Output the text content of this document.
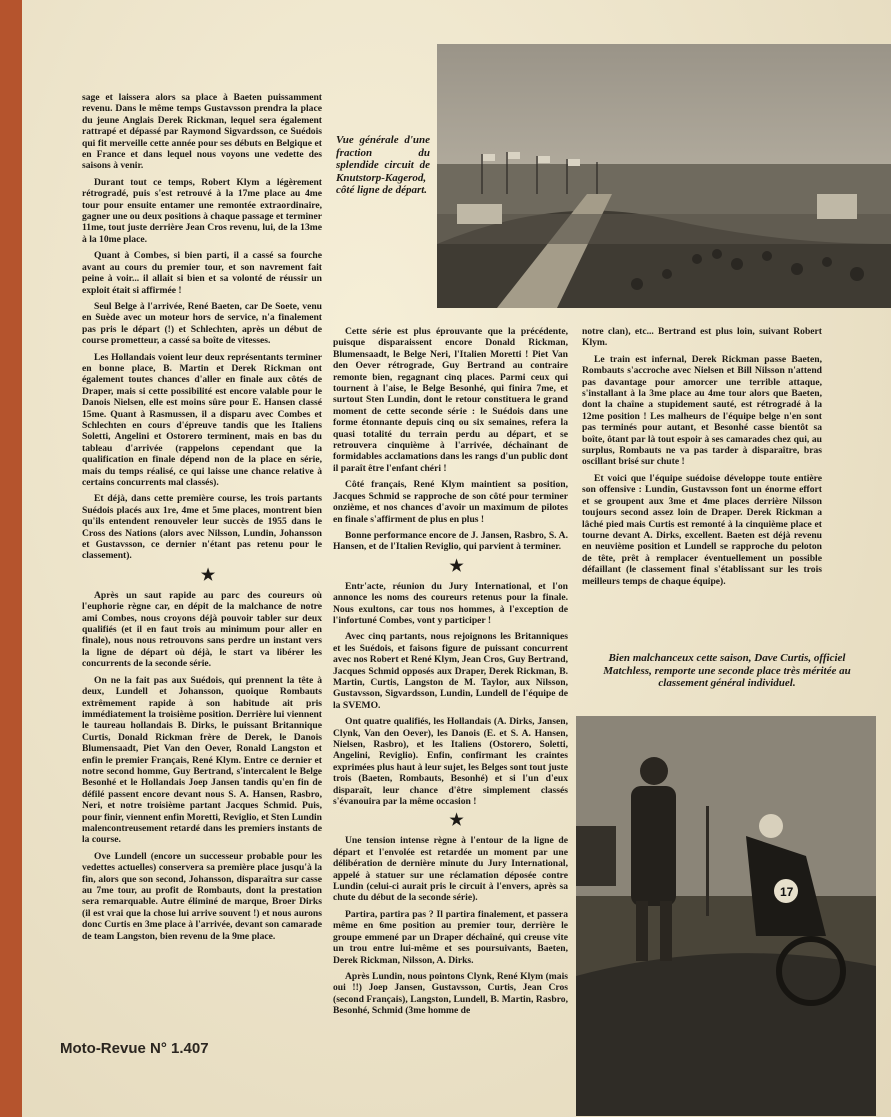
Vue générale d'une fraction du splendide circuit de Knutstorp-Kagerod, côté ligne de départ.
17
Bien malchanceux cette saison, Dave Curtis, officiel Matchless, remporte une seconde place très méritée au classement général individuel.

sage et laissera alors sa place à Baeten puissamment revenu. Dans le même temps Gustavsson prendra la place du jeune Anglais Derek Rickman, lequel sera également rattrapé et dépassé par Raymond Sigvardsson, ce Suédois qui fit merveille cette année pour ses débuts en Belgique et en France et dans lequel nous voyons une vedette des saisons à venir.

Durant tout ce temps, Robert Klym a légèrement rétrogradé, puis s'est retrouvé à la 17me place au 4me tour pour ensuite entamer une remontée extraordinaire, gagner une ou deux positions à chaque passage et terminer 11me, tout juste derrière Jean Cros revenu, lui, de la 13me à la 10me place.

Quant à Combes, si bien parti, il a cassé sa fourche avant au cours du premier tour, et son navrement fait peine à voir... il allait si bien et sa volonté de réussir un exploit était si affirmée !

Seul Belge à l'arrivée, René Baeten, car De Soete, venu en Suède avec un moteur hors de service, n'a finalement pas pris le départ (!) et Schlechten, après un début de course prometteur, a cassé sa boîte de vitesses.

Les Hollandais voient leur deux représentants terminer en bonne place, B. Martin et Derek Rickman ont également toutes chances d'aller en finale aux côtés de Draper, mais si cette possibilité est encore valable pour le Danois Nielsen, elle est moins sûre pour E. Hansen classé 15me. Quant à Rasmussen, il a disparu avec Combes et Schlechten en cours d'épreuve tandis que les Italiens Soletti, Angelini et Ostorero terminent, mais en bas du tableau d'arrivée (rappelons cependant que la qualification en finale dépend non de la place en série, mais du temps réalisé, ce qui laisse une chance relative à certains concurrents mal classés).

Et déjà, dans cette première course, les trois partants Suédois placés aux 1re, 4me et 5me places, montrent bien qu'ils entendent renouveler leur succès de 1955 dans le Cross des Nations (alors avec Nilsson, Lundin, Johansson et Gustavsson, ce dernier n'étant pas retenu pour le classement).

★

Après un saut rapide au parc des coureurs où l'euphorie règne car, en dépit de la malchance de notre ami Combes, nous croyons déjà pouvoir tabler sur deux qualifiés (et il en faut trois au minimum pour aller en finale), nous nous retrouvons sans perdre un instant vers la ligne de départ où déjà, le start va libérer les concurrents de la seconde série.

On ne la fait pas aux Suédois, qui prennent la tête à deux, Lundell et Johansson, quoique Rombauts extrêmement rapide à son habitude ait pris immédiatement la troisième position. Derrière lui viennent le taureau hollandais B. Dirks, le puissant Britannique Curtis, Donald Rickman frère de Derek, le Danois Blumensaadt, Piet Van den Oever, Ronald Langston et enfin le premier Français, René Klym. Entre ce dernier et notre second homme, Guy Bertrand, s'intercalent le Belge Besonhé et le Hollandais Joep Jansen tandis qu'en fin de défilé passent encore devant nous S. A. Hansen, Rasbro, Neri, et notre troisième partant Jacques Schmid. Puis, pour finir, viennent enfin Moretti, Reviglio, et Sten Lundin malencontreusement retardé dans les premiers instants de la course.

Ove Lundell (encore un successeur probable pour les vedettes actuelles) conservera sa première place jusqu'à la fin, alors que son second, Johansson, disparaîtra sur casse au 7me tour, au profit de Rombauts, dont la prestation sera remarquable. Autre éliminé de marque, Broer Dirks (il est vrai que la chose lui arrive souvent !) et nous aurons donc Curtis en 3me place à l'arrivée, devant son camarade de team Langston, bien revenu de la 9me place.

Cette série est plus éprouvante que la précédente, puisque disparaissent encore Donald Rickman, Blumensaadt, le Belge Neri, l'Italien Moretti ! Piet Van den Oever rétrograde, Guy Bertrand au contraire remonte bien, regagnant cinq places. Parmi ceux qui tournent à l'aise, le Belge Besonhé, qui finira 7me, et surtout Sten Lundin, dont le retour constituera le grand moment de cette seconde série : le Suédois dans une forme étonnante depuis cinq ou six semaines, refera la quasi totalité du terrain perdu au départ, et se retrouvera cinquième à l'arrivée, déchaînant de formidables acclamations dans les rangs d'un public dont il paraît être l'enfant chéri !

Côté français, René Klym maintient sa position, Jacques Schmid se rapproche de son côté pour terminer onzième, et nos chances d'avoir un maximum de pilotes en finale s'affirment de plus en plus !

Bonne performance encore de J. Jansen, Rasbro, S. A. Hansen, et de l'Italien Reviglio, qui parvient à terminer.

★

Entr'acte, réunion du Jury International, et l'on annonce les noms des coureurs retenus pour la finale. Nous exultons, car tous nos hommes, à l'exception de l'infortuné Combes, vont y participer !

Avec cinq partants, nous rejoignons les Britanniques et les Suédois, et faisons figure de puissant concurrent avec nos Robert et René Klym, Jean Cros, Guy Bertrand, Jacques Schmid opposés aux Draper, Derek Rickman, B. Martin, Curtis, Langston de M. Taylor, aux Nilsson, Gustavsson, Sigvardsson, Lundin, Lundell de l'équipe de la SVEMO.

Ont quatre qualifiés, les Hollandais (A. Dirks, Jansen, Clynk, Van den Oever), les Danois (E. et S. A. Hansen, Nielsen, Rasbro), et les Italiens (Ostorero, Soletti, Angelini, Reviglio). Enfin, confirmant les craintes exprimées plus haut à leur sujet, les Belges sont tout juste trois (Baeten, Rombauts, Besonhé) et si l'un d'eux disparaît, leur chance d'être simplement classés s'évanouira par la même occasion !

★

Une tension intense règne à l'entour de la ligne de départ et l'envolée est retardée un moment par une délibération de dernière minute du Jury International, appelé à statuer sur une réclamation déposée contre Lundin (celui-ci aurait pris le circuit à l'envers, après sa chute du début de la seconde série).

Partira, partira pas ? Il partira finalement, et passera même en 6me position au premier tour, derrière le groupe emmené par un Draper déchaîné, qui creuse vite un trou entre lui-même et ses poursuivants, Baeten, Derek Rickman, Nilsson, A. Dirks.

Après Lundin, nous pointons Clynk, René Klym (mais oui !!) Joep Jansen, Gustavsson, Curtis, Jean Cros (second Français), Langston, Lundell, B. Martin, Rasbro, Besonhé, Schmid (3me homme de

notre clan), etc... Bertrand est plus loin, suivant Robert Klym.

Le train est infernal, Derek Rickman passe Baeten, Rombauts s'accroche avec Nielsen et Bill Nilsson n'attend pas davantage pour amorcer une terrible attaque, s'installant à la 3me place au 4me tour alors que Baeten, dont la chaîne a stupidement sauté, est rétrogradé à la 12me position ! Les malheurs de l'équipe belge n'en sont pas terminés pour autant, et Besonhé casse bientôt sa boîte, ôtant par là tout espoir à ses camarades chez qui, au surplus, Rombauts ne va pas tarder à disparaître, bras oscillant brisé sur chute !

Et voici que l'équipe suédoise développe toute entière son offensive : Lundin, Gustavsson font un énorme effort et se groupent aux 3me et 4me places derrière Nilsson toujours second assez loin de Draper. Derek Rickman a lâché pied mais Curtis est remonté à la cinquième place et tourne devant A. Dirks, excellent. Baeten est déjà revenu en neuvième position et Lundell se rapproche du peloton de tête, prêt à remplacer éventuellement un possible défaillant (le classement final s'établissant sur les trois meilleurs temps de chaque équipe).

Moto-Revue N° 1.407
